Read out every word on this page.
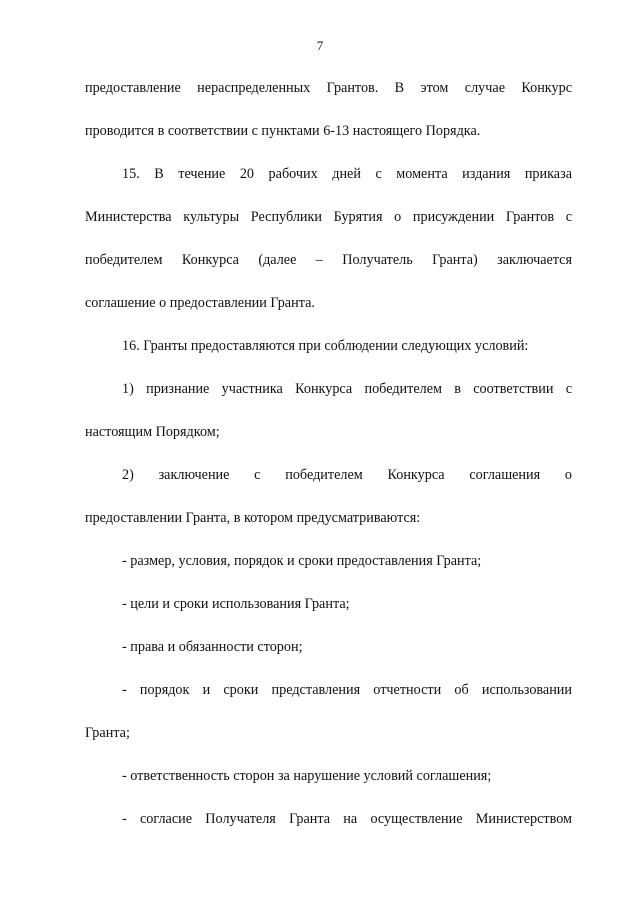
7
предоставление нераспределенных Грантов. В этом случае Конкурс
проводится в соответствии с пунктами 6-13 настоящего Порядка.
15. В течение 20 рабочих дней с момента издания приказа
Министерства культуры Республики Бурятия о присуждении Грантов с
победителем Конкурса (далее – Получатель Гранта) заключается
соглашение о предоставлении Гранта.
16. Гранты предоставляются при соблюдении следующих условий:
1) признание участника Конкурса победителем в соответствии с
настоящим Порядком;
2) заключение с победителем Конкурса соглашения о
предоставлении Гранта, в котором предусматриваются:
- размер, условия, порядок и сроки предоставления Гранта;
- цели и сроки использования Гранта;
- права и обязанности сторон;
- порядок и сроки представления отчетности об использовании
Гранта;
- ответственность сторон за нарушение условий соглашения;
- согласие Получателя Гранта на осуществление Министерством
